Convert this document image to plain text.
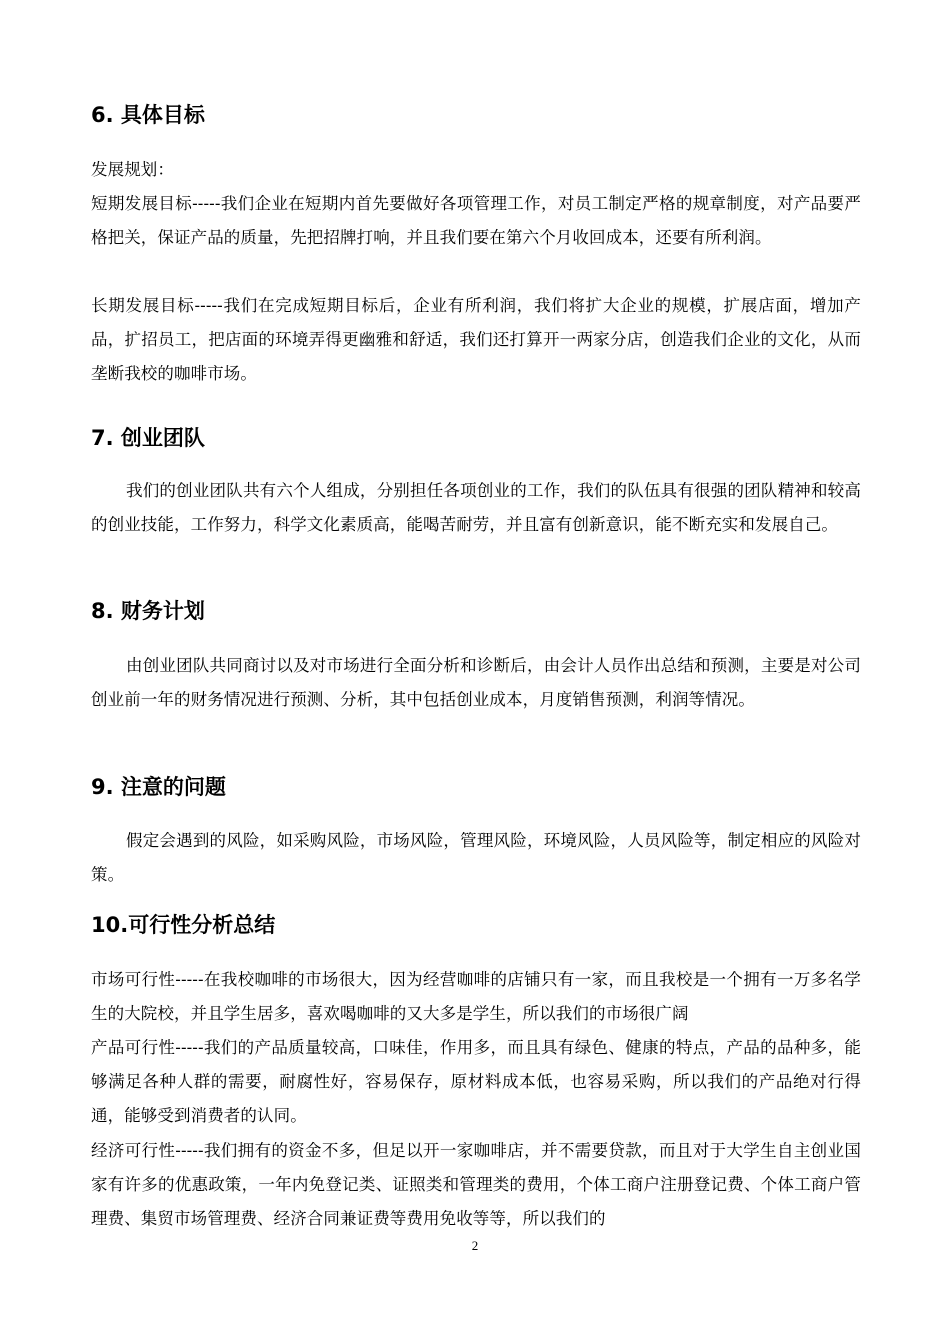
6. 具体目标
发展规划：
短期发展目标-----我们企业在短期内首先要做好各项管理工作，对员工制定严格的规章制度，对产品要严格把关，保证产品的质量，先把招牌打响，并且我们要在第六个月收回成本，还要有所利润。
长期发展目标-----我们在完成短期目标后，企业有所利润，我们将扩大企业的规模，扩展店面，增加产品，扩招员工，把店面的环境弄得更幽雅和舒适，我们还打算开一两家分店，创造我们企业的文化，从而垄断我校的咖啡市场。
7. 创业团队
我们的创业团队共有六个人组成，分别担任各项创业的工作，我们的队伍具有很强的团队精神和较高的创业技能，工作努力，科学文化素质高，能喝苦耐劳，并且富有创新意识，能不断充实和发展自己。
8. 财务计划
由创业团队共同商讨以及对市场进行全面分析和诊断后，由会计人员作出总结和预测，主要是对公司创业前一年的财务情况进行预测、分析，其中包括创业成本，月度销售预测，利润等情况。
9. 注意的问题
假定会遇到的风险，如采购风险，市场风险，管理风险，环境风险，人员风险等，制定相应的风险对策。
10.可行性分析总结
市场可行性-----在我校咖啡的市场很大，因为经营咖啡的店铺只有一家，而且我校是一个拥有一万多名学生的大院校，并且学生居多，喜欢喝咖啡的又大多是学生，所以我们的市场很广阔
产品可行性-----我们的产品质量较高，口味佳，作用多，而且具有绿色、健康的特点，产品的品种多，能够满足各种人群的需要，耐腐性好，容易保存，原材料成本低，也容易采购，所以我们的产品绝对行得通，能够受到消费者的认同。
经济可行性-----我们拥有的资金不多，但足以开一家咖啡店，并不需要贷款，而且对于大学生自主创业国家有许多的优惠政策，一年内免登记类、证照类和管理类的费用，个体工商户注册登记费、个体工商户管理费、集贸市场管理费、经济合同兼证费等费用免收等等，所以我们的
2
